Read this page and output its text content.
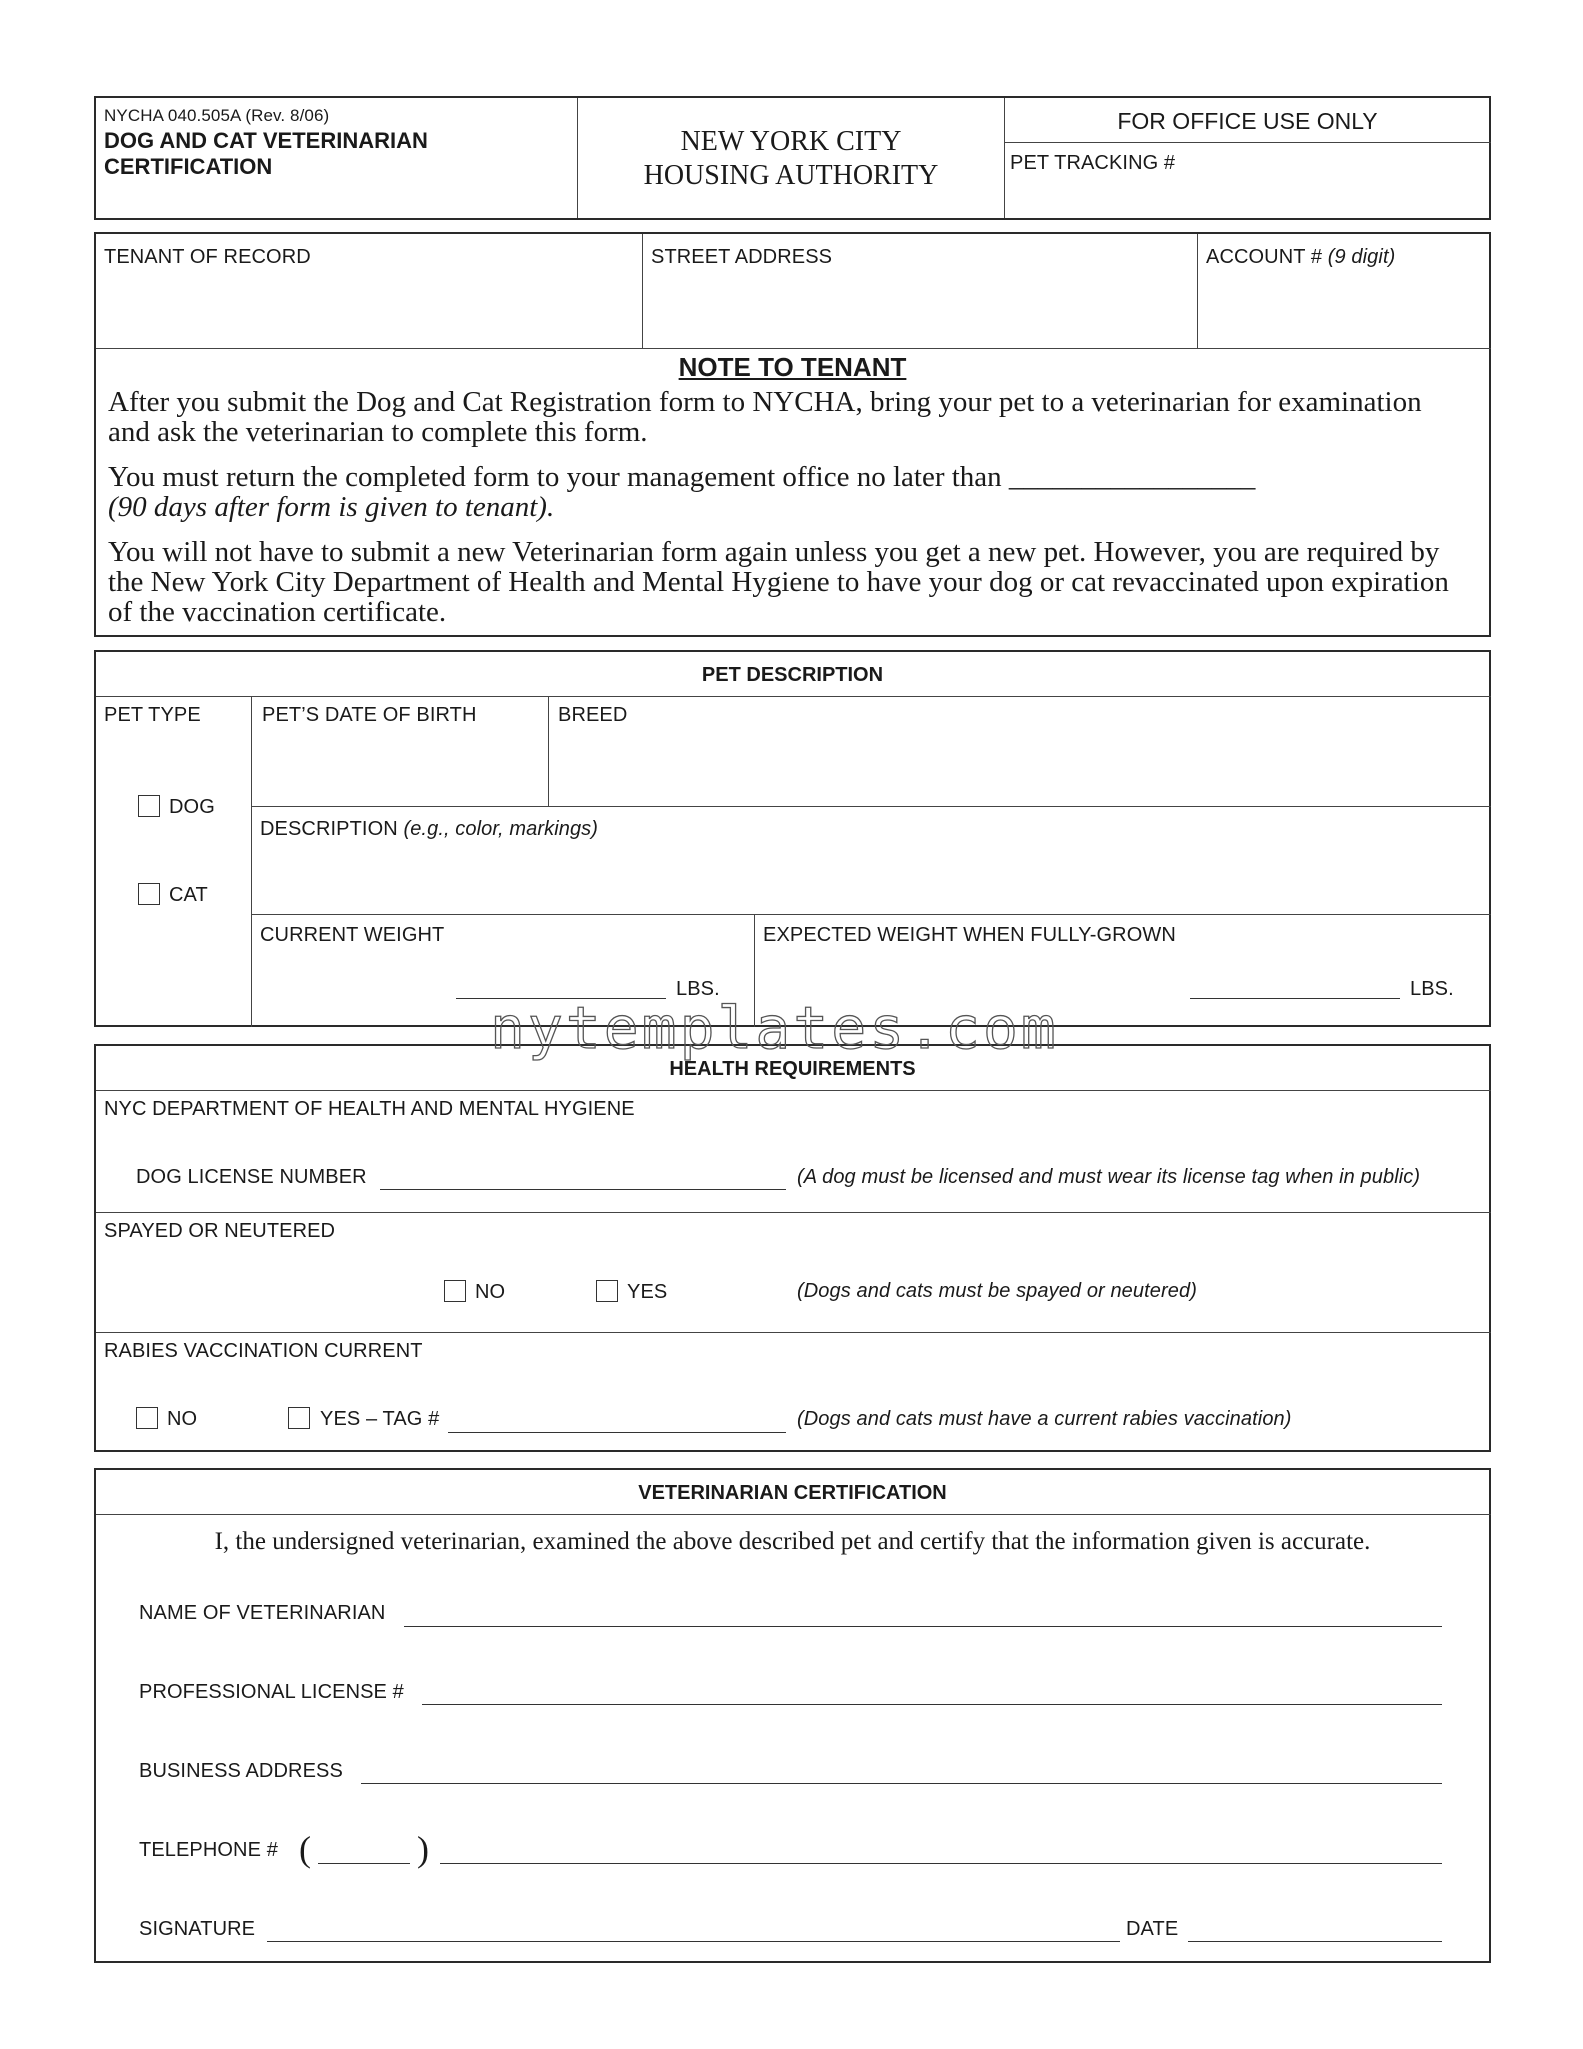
NYCHA 040.505A (Rev. 8/06)
DOG AND CAT VETERINARIAN
CERTIFICATION
NEW YORK CITY
HOUSING AUTHORITY
FOR OFFICE USE ONLY
PET TRACKING #
TENANT OF RECORD	STREET ADDRESS	ACCOUNT # (9 digit)
NOTE TO TENANT
After you submit the Dog and Cat Registration form to NYCHA, bring your pet to a veterinarian for examination and ask the veterinarian to complete this form.
You must return the completed form to your management office no later than _________________
(90 days after form is given to tenant).
You will not have to submit a new Veterinarian form again unless you get a new pet. However, you are required by the New York City Department of Health and Mental Hygiene to have your dog or cat revaccinated upon expiration of the vaccination certificate.
PET DESCRIPTION
PET TYPE
DOG
CAT
PET’S DATE OF BIRTH	BREED
DESCRIPTION (e.g., color, markings)
CURRENT WEIGHT
LBS.
EXPECTED WEIGHT WHEN FULLY-GROWN
LBS.
nytemplates.com
HEALTH REQUIREMENTS
NYC DEPARTMENT OF HEALTH AND MENTAL HYGIENE
DOG LICENSE NUMBER	(A dog must be licensed and must wear its license tag when in public)
SPAYED OR NEUTERED
NO	YES	(Dogs and cats must be spayed or neutered)
RABIES VACCINATION CURRENT
NO	YES – TAG #	(Dogs and cats must have a current rabies vaccination)
VETERINARIAN CERTIFICATION
I, the undersigned veterinarian, examined the above described pet and certify that the information given is accurate.
NAME OF VETERINARIAN
PROFESSIONAL LICENSE #
BUSINESS ADDRESS
TELEPHONE # (	)
SIGNATURE	DATE
